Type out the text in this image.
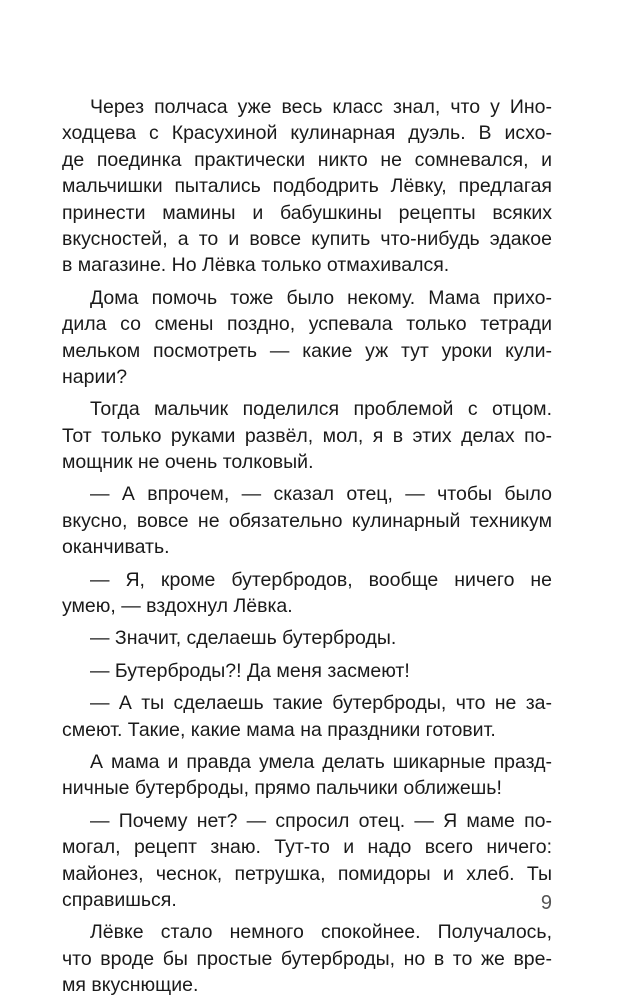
Через полчаса уже весь класс знал, что у Ино-
ходцева с Красухиной кулинарная дуэль. В исхо-
де поединка практически никто не сомневался, и
мальчишки пытались подбодрить Лёвку, предлагая
принести мамины и бабушкины рецепты всяких
вкусностей, а то и вовсе купить что-нибудь эдакое
в магазине. Но Лёвка только отмахивался.
Дома помочь тоже было некому. Мама прихо-
дила со смены поздно, успевала только тетради
мельком посмотреть — какие уж тут уроки кули-
нарии?
Тогда мальчик поделился проблемой с отцом.
Тот только руками развёл, мол, я в этих делах по-
мощник не очень толковый.
— А впрочем, — сказал отец, — чтобы было
вкусно, вовсе не обязательно кулинарный техникум
оканчивать.
— Я, кроме бутербродов, вообще ничего не
умею, — вздохнул Лёвка.
— Значит, сделаешь бутерброды.
— Бутерброды?! Да меня засмеют!
— А ты сделаешь такие бутерброды, что не за-
смеют. Такие, какие мама на праздники готовит.
А мама и правда умела делать шикарные празд-
ничные бутерброды, прямо пальчики оближешь!
— Почему нет? — спросил отец. — Я маме по-
могал, рецепт знаю. Тут-то и надо всего ничего:
майонез, чеснок, петрушка, помидоры и хлеб. Ты
справишься.
Лёвке стало немного спокойнее. Получалось,
что вроде бы простые бутерброды, но в то же вре-
мя вкуснющие.
9
